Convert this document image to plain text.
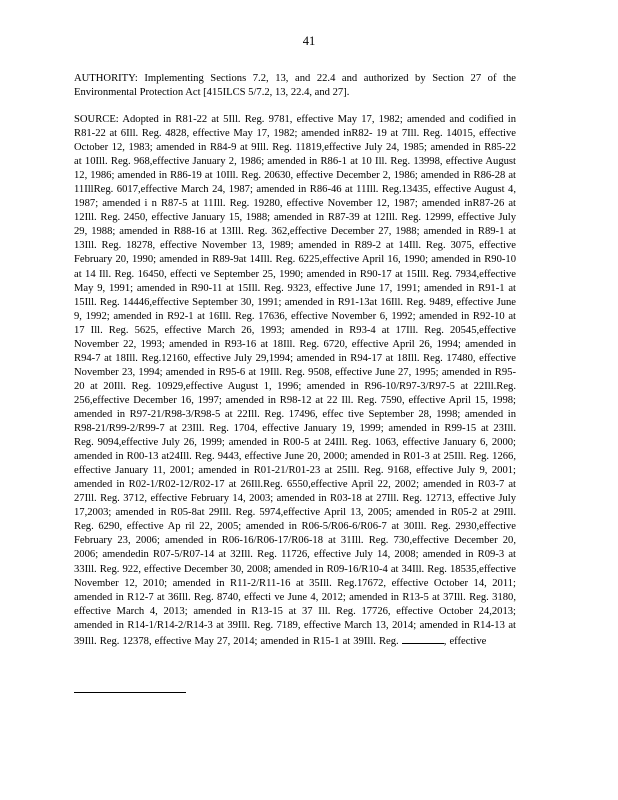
41
AUTHORITY: Implementing Sections 7.2, 13, and 22.4 and authorized by Section 27 of the Environmental Protection Act [415ILCS 5/7.2, 13, 22.4, and 27].
SOURCE: Adopted in R81-22 at 5Ill. Reg. 9781, effective May 17, 1982; amended and codified in R81-22 at 6Ill. Reg. 4828, effective May 17, 1982; amended inR82- 19 at 7Ill. Reg. 14015, effective October 12, 1983; amended in R84-9 at 9Ill. Reg. 11819,effective July 24, 1985; amended in R85-22 at 10Ill. Reg. 968,effective January 2, 1986; amended in R86-1 at 10 Ill. Reg. 13998, effective August 12, 1986; amended in R86-19 at 10Ill. Reg. 20630, effective December 2, 1986; amended in R86-28 at 11IllReg. 6017,effective March 24, 1987; amended in R86-46 at 11Ill. Reg.13435, effective August 4, 1987; amended i n R87-5 at 11Ill. Reg. 19280, effective November 12, 1987; amended inR87-26 at 12Ill. Reg. 2450, effective January 15, 1988; amended in R87-39 at 12Ill. Reg. 12999, effective July 29, 1988; amended in R88-16 at 13Ill. Reg. 362,effective December 27, 1988; amended in R89-1 at 13Ill. Reg. 18278, effective November 13, 1989; amended in R89-2 at 14Ill. Reg. 3075, effective February 20, 1990; amended in R89-9at 14Ill. Reg. 6225,effective April 16, 1990; amended in R90-10 at 14 Ill. Reg. 16450, effecti ve September 25, 1990; amended in R90-17 at 15Ill. Reg. 7934,effective May 9, 1991; amended in R90-11 at 15Ill. Reg. 9323, effective June 17, 1991; amended in R91-1 at 15Ill. Reg. 14446,effective September 30, 1991; amended in R91-13at 16Ill. Reg. 9489, effective June 9, 1992; amended in R92-1 at 16Ill. Reg. 17636, effective November 6, 1992; amended in R92-10 at 17 Ill. Reg. 5625, effective March 26, 1993; amended in R93-4 at 17Ill. Reg. 20545,effective November 22, 1993; amended in R93-16 at 18Ill. Reg. 6720, effective April 26, 1994; amended in R94-7 at 18Ill. Reg.12160, effective July 29,1994; amended in R94-17 at 18Ill. Reg. 17480, effective November 23, 1994; amended in R95-6 at 19Ill. Reg. 9508, effective June 27, 1995; amended in R95-20 at 20Ill. Reg. 10929,effective August 1, 1996; amended in R96-10/R97-3/R97-5 at 22Ill.Reg. 256,effective December 16, 1997; amended in R98-12 at 22 Ill. Reg. 7590, effective April 15, 1998; amended in R97-21/R98-3/R98-5 at 22Ill. Reg. 17496, effec tive September 28, 1998; amended in R98-21/R99-2/R99-7 at 23Ill. Reg. 1704, effective January 19, 1999; amended in R99-15 at 23Ill. Reg. 9094,effective July 26, 1999; amended in R00-5 at 24Ill. Reg. 1063, effective January 6, 2000; amended in R00-13 at24Ill. Reg. 9443, effective June 20, 2000; amended in R01-3 at 25Ill. Reg. 1266, effective January 11, 2001; amended in R01-21/R01-23 at 25Ill. Reg. 9168, effective July 9, 2001; amended in R02-1/R02-12/R02-17 at 26Ill.Reg. 6550,effective April 22, 2002; amended in R03-7 at 27Ill. Reg. 3712, effective February 14, 2003; amended in R03-18 at 27Ill. Reg. 12713, effective July 17,2003; amended in R05-8at 29Ill. Reg. 5974,effective April 13, 2005; amended in R05-2 at 29Ill. Reg. 6290, effective Ap ril 22, 2005; amended in R06-5/R06-6/R06-7 at 30Ill. Reg. 2930,effective February 23, 2006; amended in R06-16/R06-17/R06-18 at 31Ill. Reg. 730,effective December 20, 2006; amendedin R07-5/R07-14 at 32Ill. Reg. 11726, effective July 14, 2008; amended in R09-3 at 33Ill. Reg. 922, effective December 30, 2008; amended in R09-16/R10-4 at 34Ill. Reg. 18535,effective November 12, 2010; amended in R11-2/R11-16 at 35Ill. Reg.17672, effective October 14, 2011; amended in R12-7 at 36Ill. Reg. 8740, effecti ve June 4, 2012; amended in R13-5 at 37Ill. Reg. 3180, effective March 4, 2013; amended in R13-15 at 37 Ill. Reg. 17726, effective October 24,2013; amended in R14-1/R14-2/R14-3 at 39Ill. Reg. 7189, effective March 13, 2014; amended in R14-13 at 39Ill. Reg. 12378, effective May 27, 2014; amended in R15-1 at 39Ill. Reg.	, effective
